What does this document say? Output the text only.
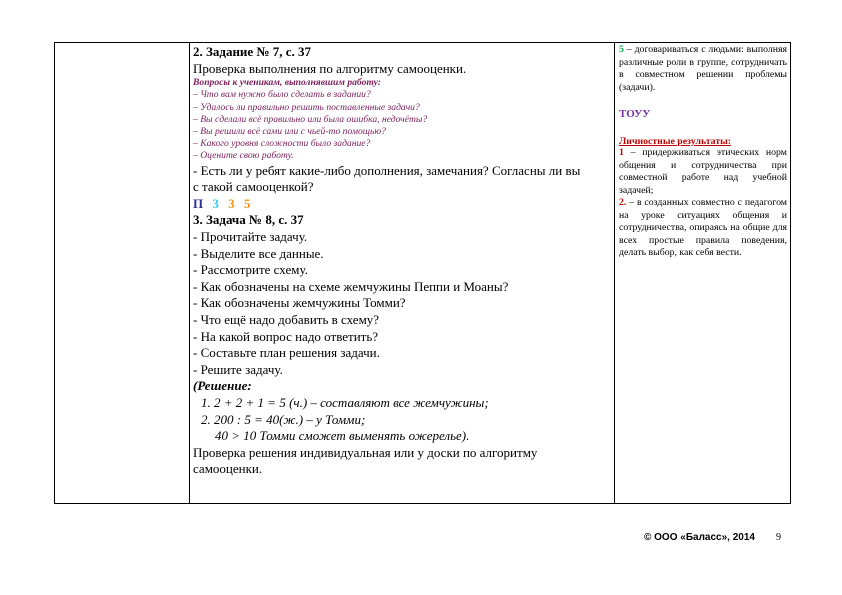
2. Задание № 7, с. 37
Проверка выполнения по алгоритму самооценки.
Вопросы к ученикам, выполнявшим работу:
– Что вам нужно было сделать в задании?
– Удалось ли правильно решить поставленные задачи?
– Вы сделали всё правильно или была ошибка, недочёты?
– Вы решили всё сами или с чьей-то помощью?
– Какого уровня сложности было задание?
– Оцените свою работу.
- Есть ли у ребят какие-либо дополнения, замечания? Согласны ли вы
с такой самооценкой?
П 3 3 5
3. Задача № 8, с. 37
- Прочитайте задачу.
- Выделите все данные.
- Рассмотрите схему.
- Как обозначены на схеме жемчужины Пеппи и Моаны?
- Как обозначены жемчужины Томми?
- Что ещё надо добавить в схему?
- На какой вопрос надо ответить?
- Составьте план решения задачи.
- Решите задачу.
(Решение:
1. 2 + 2 + 1 = 5 (ч.) – составляют все жемчужины;
2. 200 : 5 = 40(ж.) – у Томми;
40 > 10 Томми сможет выменять ожерелье).
Проверка решения индивидуальная или у доски по алгоритму
самооценки.
5 – договариваться с людьми: выполняя различные роли в группе, сотрудничать в совместном решении проблемы (задачи).
ТОУУ
Личностные результаты:
1 – придерживаться этических норм общения и сотрудничества при совместной работе над учебной задачей;
2. – в созданных совместно с педагогом на уроке ситуациях общения и сотрудничества, опираясь на общие для всех простые правила поведения, делать выбор, как себя вести.
© ООО «Баласс», 2014 9
